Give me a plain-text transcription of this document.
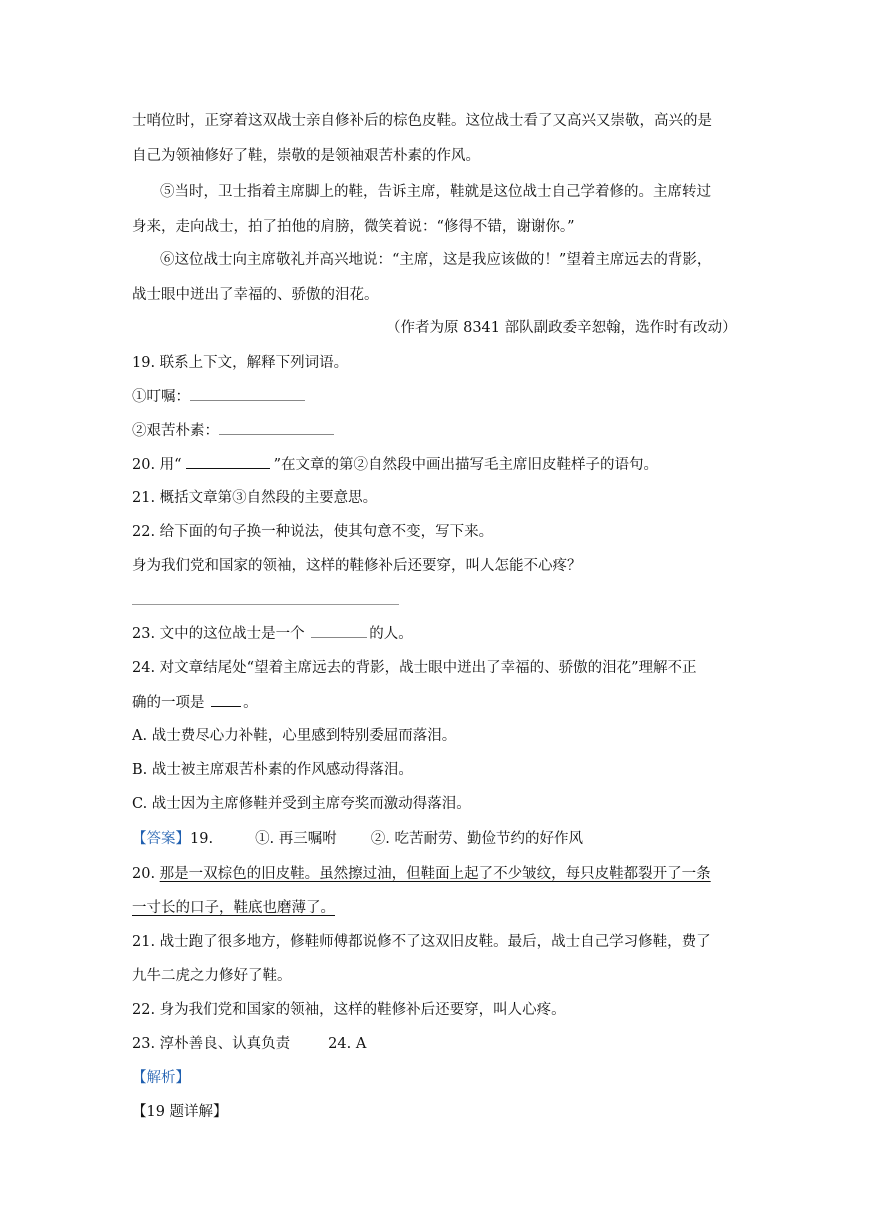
士哨位时，正穿着这双战士亲自修补后的棕色皮鞋。这位战士看了又高兴又崇敬，高兴的是
自己为领袖修好了鞋，崇敬的是领袖艰苦朴素的作风。
⑤当时，卫士指着主席脚上的鞋，告诉主席，鞋就是这位战士自己学着修的。主席转过
身来，走向战士，拍了拍他的肩膀，微笑着说：“修得不错，谢谢你。”
⑥这位战士向主席敬礼并高兴地说：“主席，这是我应该做的！”望着主席远去的背影，
战士眼中迸出了幸福的、骄傲的泪花。
（作者为原 8341 部队副政委辛恕翰，选作时有改动）
19. 联系上下文，解释下列词语。
①叮嘱：
②艰苦朴素：
20. 用“	”在文章的第②自然段中画出描写毛主席旧皮鞋样子的语句。
21. 概括文章第③自然段的主要意思。
22. 给下面的句子换一种说法，使其句意不变，写下来。
身为我们党和国家的领袖，这样的鞋修补后还要穿，叫人怎能不心疼？
23. 文中的这位战士是一个	的人。
24. 对文章结尾处“望着主席远去的背影，战士眼中迸出了幸福的、骄傲的泪花”理解不正
确的一项是 。
A. 战士费尽心力补鞋，心里感到特别委屈而落泪。
B. 战士被主席艰苦朴素的作风感动得落泪。
C. 战士因为主席修鞋并受到主席夸奖而激动得落泪。
【答案】19.	①. 再三嘱咐 ②. 吃苦耐劳、勤俭节约的好作风
20. 那是一双棕色的旧皮鞋。虽然擦过油，但鞋面上起了不少皱纹，每只皮鞋都裂开了一条
一寸长的口子，鞋底也磨薄了。
21. 战士跑了很多地方，修鞋师傅都说修不了这双旧皮鞋。最后，战士自己学习修鞋，费了
九牛二虎之力修好了鞋。
22. 身为我们党和国家的领袖，这样的鞋修补后还要穿，叫人心疼。
23. 淳朴善良、认真负责	24. A
【解析】
【19 题详解】
